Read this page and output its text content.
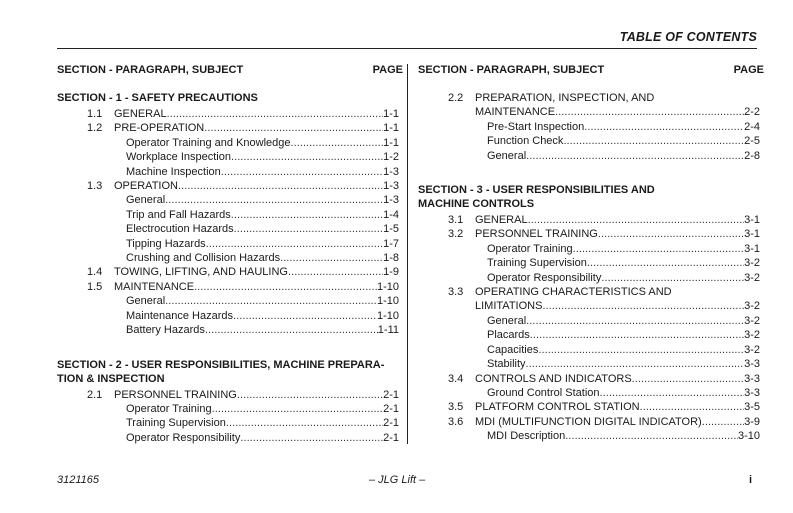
TABLE OF CONTENTS
SECTION - PARAGRAPH, SUBJECT	PAGE
SECTION - 1 - SAFETY PRECAUTIONS
1.1	GENERAL . . .	1-1
1.2	PRE-OPERATION . . .	1-1
Operator Training and Knowledge . . .	1-1
Workplace Inspection . . .	1-2
Machine Inspection . . .	1-3
1.3	OPERATION . . .	1-3
General . . .	1-3
Trip and Fall Hazards . . .	1-4
Electrocution Hazards . . .	1-5
Tipping Hazards . . .	1-7
Crushing and Collision Hazards . . .	1-8
1.4	TOWING, LIFTING, AND HAULING . . .	1-9
1.5	MAINTENANCE . . .	1-10
General . . .	1-10
Maintenance Hazards . . .	1-10
Battery Hazards . . .	1-11
SECTION - 2 - USER RESPONSIBILITIES, MACHINE PREPARA-
TION & INSPECTION
2.1	PERSONNEL TRAINING . . .	2-1
Operator Training . . .	2-1
Training Supervision . . .	2-1
Operator Responsibility . . .	2-1
SECTION - PARAGRAPH, SUBJECT	PAGE
2.2	PREPARATION, INSPECTION, AND
MAINTENANCE . . .	2-2
Pre-Start Inspection . . .	2-4
Function Check . . .	2-5
General . . .	2-8
SECTION - 3 - USER RESPONSIBILITIES AND
MACHINE CONTROLS
3.1	GENERAL . . .	3-1
3.2	PERSONNEL TRAINING . . .	3-1
Operator Training . . .	3-1
Training Supervision . . .	3-2
Operator Responsibility . . .	3-2
3.3	OPERATING CHARACTERISTICS AND
LIMITATIONS . . .	3-2
General . . .	3-2
Placards . . .	3-2
Capacities . . .	3-2
Stability . . .	3-3
3.4	CONTROLS AND INDICATORS . . .	3-3
Ground Control Station . . .	3-3
3.5	PLATFORM CONTROL STATION . . .	3-5
3.6	MDI (MULTIFUNCTION DIGITAL INDICATOR) . . .	3-9
MDI Description . . .	3-10
3121165	– JLG Lift –	i
